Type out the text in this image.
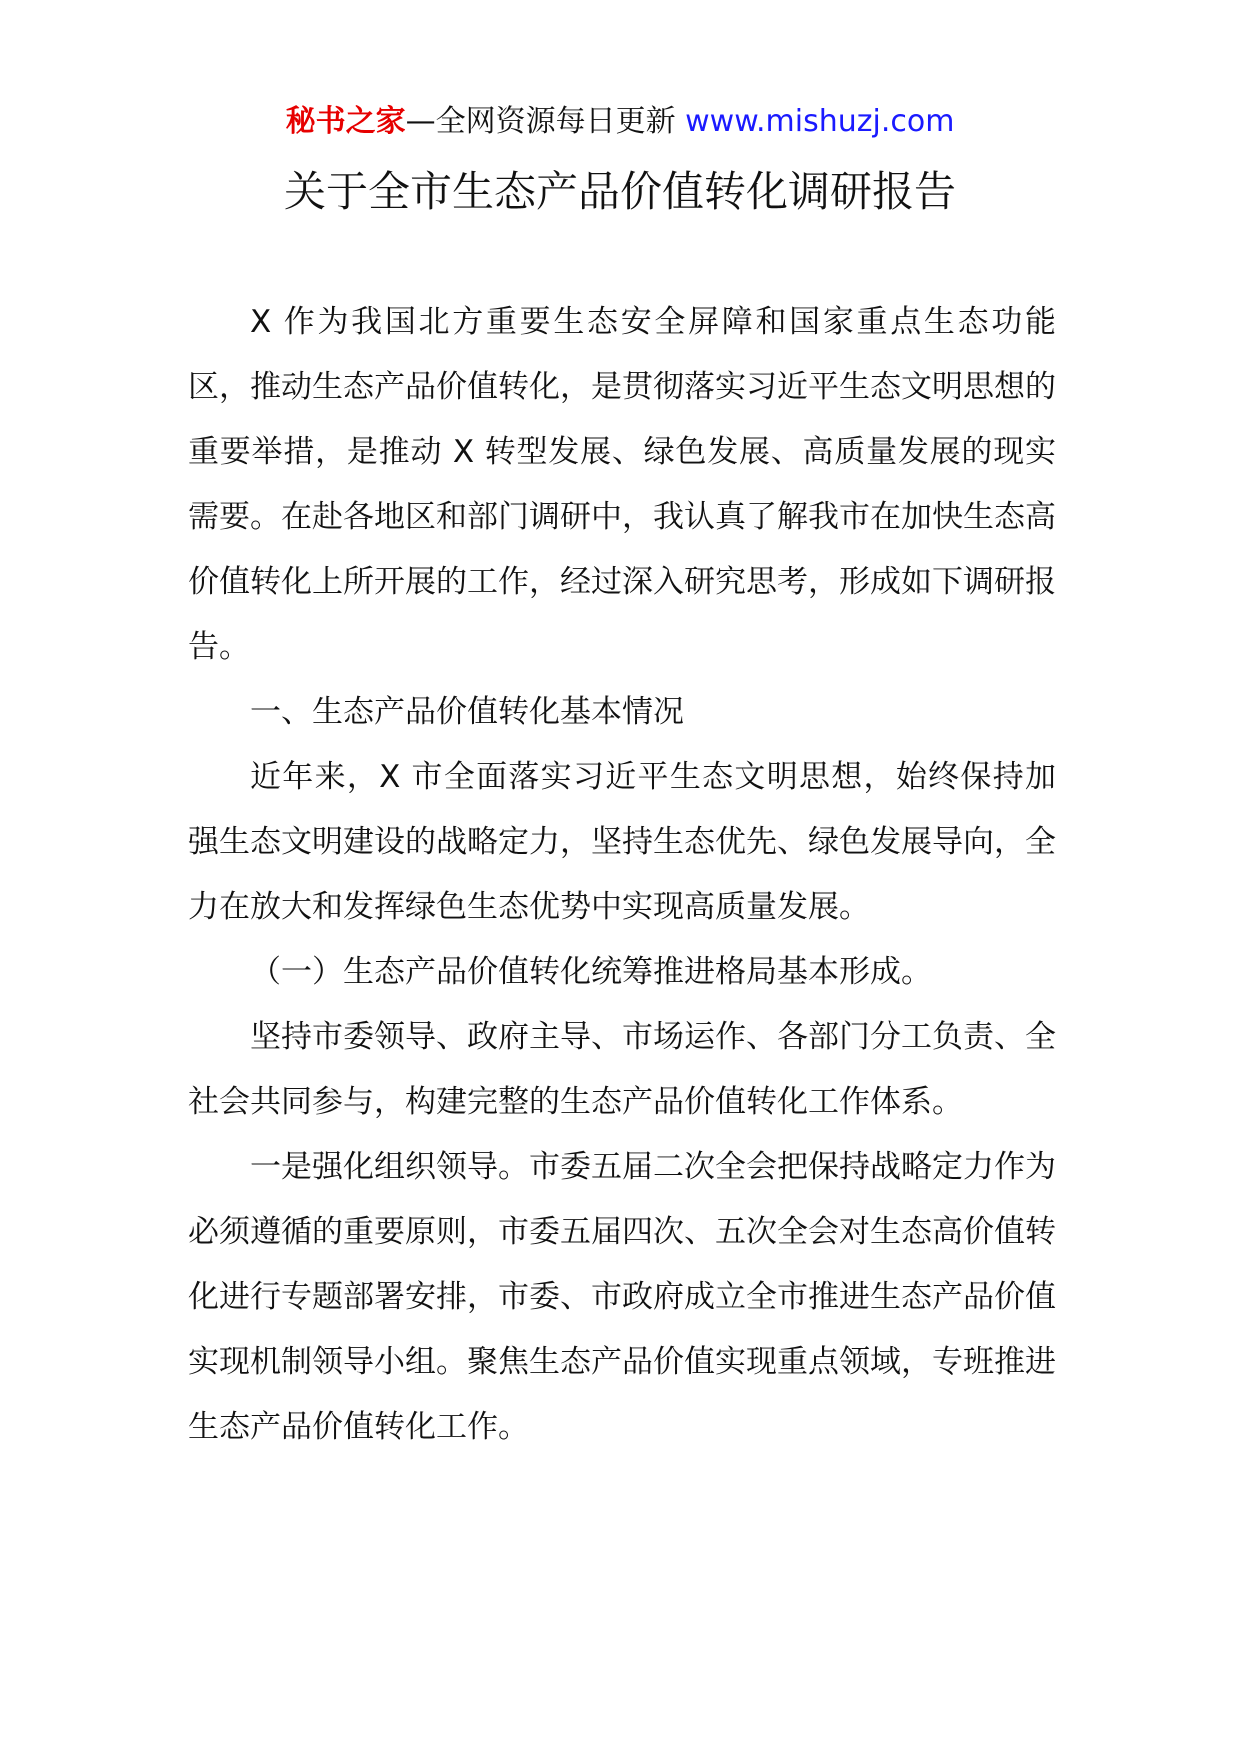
秘书之家—全网资源每日更新 www.mishuzj.com
关于全市生态产品价值转化调研报告

X 作为我国北方重要生态安全屏障和国家重点生态功能区，推动生态产品价值转化，是贯彻落实习近平生态文明思想的重要举措，是推动 X 转型发展、绿色发展、高质量发展的现实需要。在赴各地区和部门调研中，我认真了解我市在加快生态高价值转化上所开展的工作，经过深入研究思考，形成如下调研报告。

一、生态产品价值转化基本情况

近年来，X 市全面落实习近平生态文明思想，始终保持加强生态文明建设的战略定力，坚持生态优先、绿色发展导向，全力在放大和发挥绿色生态优势中实现高质量发展。

（一）生态产品价值转化统筹推进格局基本形成。

坚持市委领导、政府主导、市场运作、各部门分工负责、全社会共同参与，构建完整的生态产品价值转化工作体系。

一是强化组织领导。市委五届二次全会把保持战略定力作为必须遵循的重要原则，市委五届四次、五次全会对生态高价值转化进行专题部署安排，市委、市政府成立全市推进生态产品价值实现机制领导小组。聚焦生态产品价值实现重点领域，专班推进生态产品价值转化工作。
